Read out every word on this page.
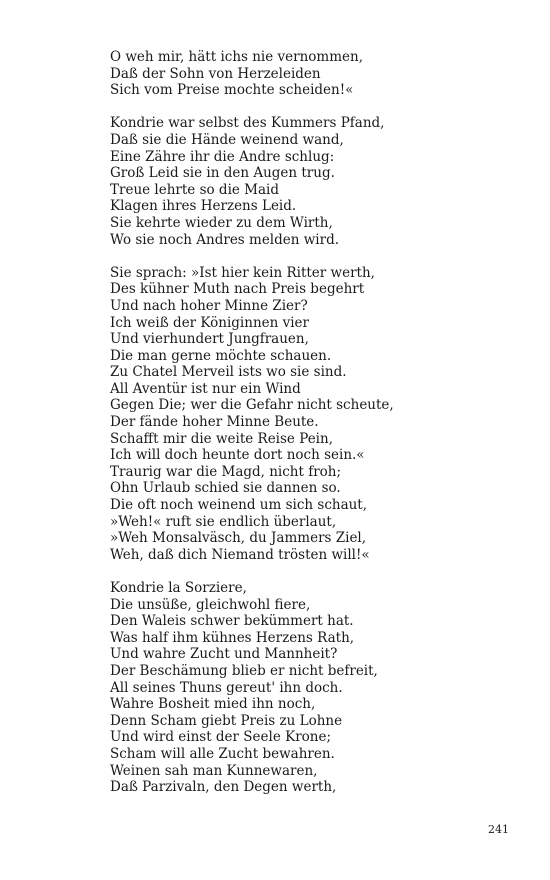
O weh mir, hätt ichs nie vernommen,
Daß der Sohn von Herzeleiden
Sich vom Preise mochte scheiden!«
Kondrie war selbst des Kummers Pfand,
Daß sie die Hände weinend wand,
Eine Zähre ihr die Andre schlug:
Groß Leid sie in den Augen trug.
Treue lehrte so die Maid
Klagen ihres Herzens Leid.
Sie kehrte wieder zu dem Wirth,
Wo sie noch Andres melden wird.
Sie sprach: »Ist hier kein Ritter werth,
Des kühner Muth nach Preis begehrt
Und nach hoher Minne Zier?
Ich weiß der Königinnen vier
Und vierhundert Jungfrauen,
Die man gerne möchte schauen.
Zu Chatel Merveil ists wo sie sind.
All Aventür ist nur ein Wind
Gegen Die; wer die Gefahr nicht scheute,
Der fände hoher Minne Beute.
Schafft mir die weite Reise Pein,
Ich will doch heunte dort noch sein.«
Traurig war die Magd, nicht froh;
Ohn Urlaub schied sie dannen so.
Die oft noch weinend um sich schaut,
»Weh!« ruft sie endlich überlaut,
»Weh Monsalväsch, du Jammers Ziel,
Weh, daß dich Niemand trösten will!«
Kondrie la Sorziere,
Die unsüße, gleichwohl fiere,
Den Waleis schwer bekümmert hat.
Was half ihm kühnes Herzens Rath,
Und wahre Zucht und Mannheit?
Der Beschämung blieb er nicht befreit,
All seines Thuns gereut' ihn doch.
Wahre Bosheit mied ihn noch,
Denn Scham giebt Preis zu Lohne
Und wird einst der Seele Krone;
Scham will alle Zucht bewahren.
Weinen sah man Kunnewaren,
Daß Parzivaln, den Degen werth,
241
